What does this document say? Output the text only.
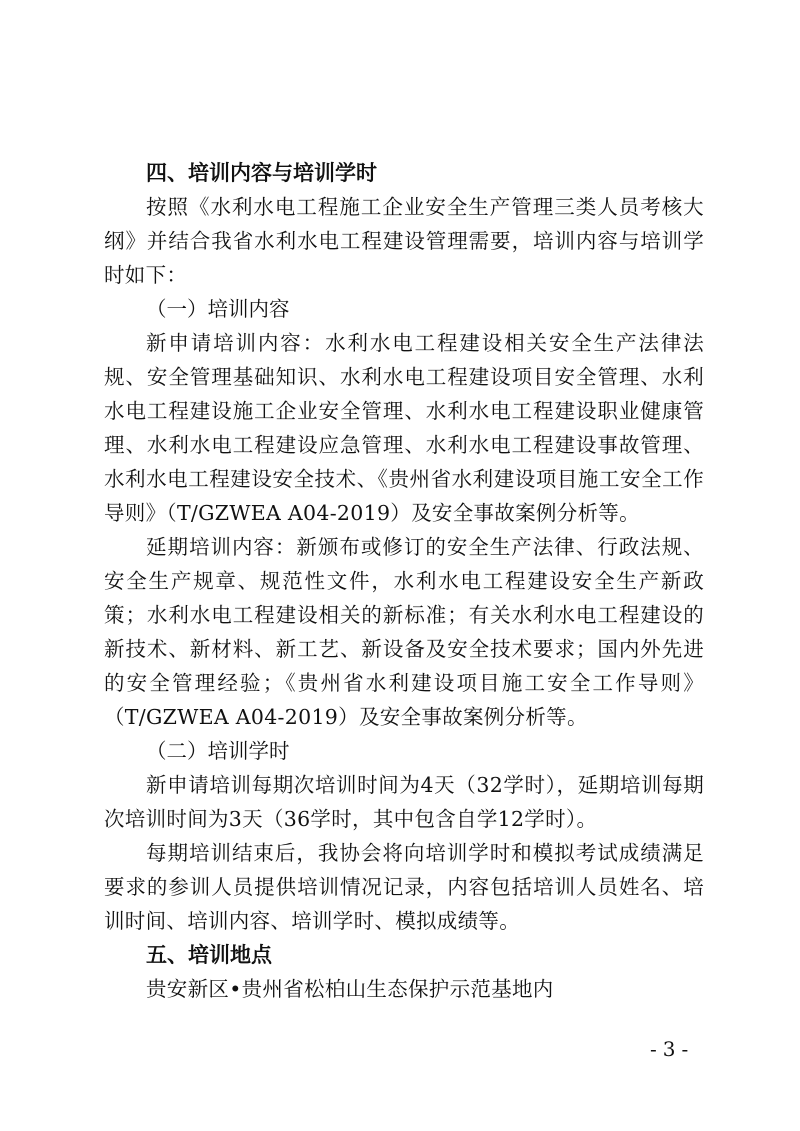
四、培训内容与培训学时

按照《水利水电工程施工企业安全生产管理三类人员考核大纲》并结合我省水利水电工程建设管理需要，培训内容与培训学时如下：

（一）培训内容

新申请培训内容：水利水电工程建设相关安全生产法律法规、安全管理基础知识、水利水电工程建设项目安全管理、水利水电工程建设施工企业安全管理、水利水电工程建设职业健康管理、水利水电工程建设应急管理、水利水电工程建设事故管理、水利水电工程建设安全技术、《贵州省水利建设项目施工安全工作导则》（T/GZWEA A04-2019）及安全事故案例分析等。

延期培训内容：新颁布或修订的安全生产法律、行政法规、安全生产规章、规范性文件，水利水电工程建设安全生产新政策；水利水电工程建设相关的新标准；有关水利水电工程建设的新技术、新材料、新工艺、新设备及安全技术要求；国内外先进的安全管理经验；《贵州省水利建设项目施工安全工作导则》（T/GZWEA A04-2019）及安全事故案例分析等。

（二）培训学时

新申请培训每期次培训时间为4天（32学时），延期培训每期次培训时间为3天（36学时，其中包含自学12学时）。

每期培训结束后，我协会将向培训学时和模拟考试成绩满足要求的参训人员提供培训情况记录，内容包括培训人员姓名、培训时间、培训内容、培训学时、模拟成绩等。

五、培训地点

贵安新区•贵州省松柏山生态保护示范基地内

- 3 -
